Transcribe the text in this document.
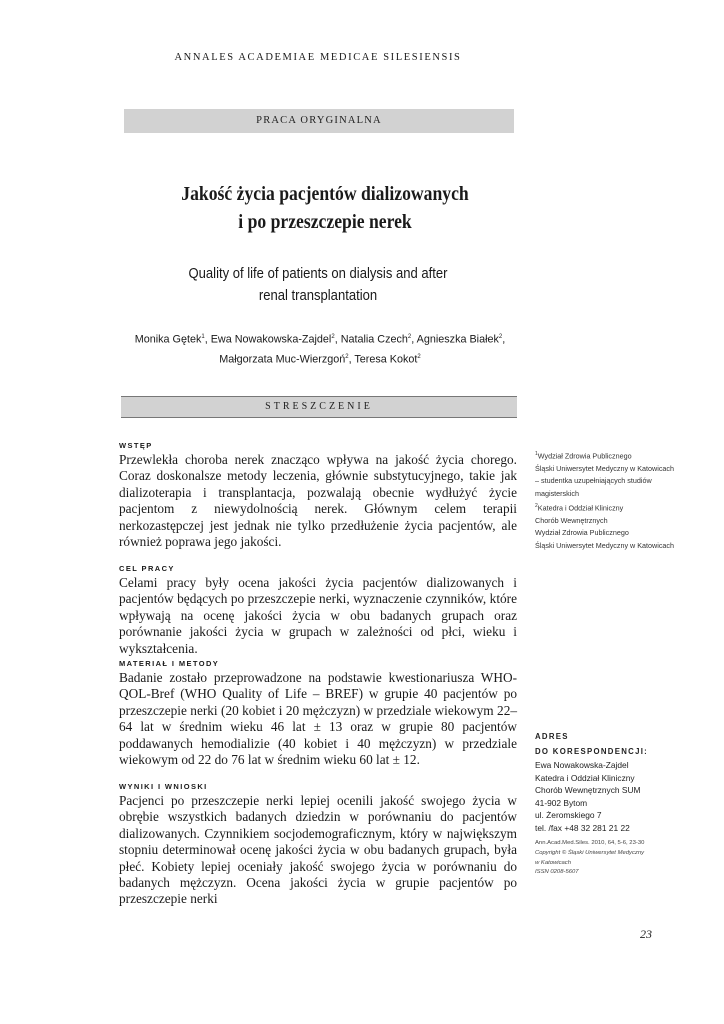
ANNALES ACADEMIAE MEDICAE SILESIENSIS
PRACA ORYGINALNA
Jakość życia pacjentów dializowanych
i po przeszczepie nerek
Quality of life of patients on dialysis and after
renal transplantation
Monika Gętek$^1$, Ewa Nowakowska-Zajdel$^2$, Natalia Czech$^2$, Agnieszka Białek$^2$,
Małgorzata Muc-Wierzgoń$^2$, Teresa Kokot$^2$
STRESZCZENIE

WSTĘP

Przewlekła choroba nerek znacząco wpływa na jakość życia chorego. Coraz doskonalsze metody leczenia, głównie substytucyjnego, takie jak dializoterapia i transplantacja, pozwalają obecnie wydłużyć życie pacjentom z niewydolnością nerek. Głównym celem terapii nerkozastępczej jest jednak nie tylko przedłużenie życia pacjentów, ale również poprawa jego jakości.

CEL PRACY

Celami pracy były ocena jakości życia pacjentów dializowanych i pacjentów będących po przeszczepie nerki, wyznaczenie czynników, które wpływają na ocenę jakości życia w obu badanych grupach oraz porównanie jakości życia w grupach w zależności od płci, wieku i wykształcenia.

MATERIAŁ I METODY

Badanie zostało przeprowadzone na podstawie kwestionariusza WHO-QOL-Bref (WHO Quality of Life – BREF) w grupie 40 pacjentów po przeszczepie nerki (20 kobiet i 20 mężczyzn) w przedziale wiekowym 22–64 lat w średnim wieku 46 lat ± 13 oraz w grupie 80 pacjentów poddawanych hemodializie (40 kobiet i 40 mężczyzn) w przedziale wiekowym od 22 do 76 lat w średnim wieku 60 lat ± 12.

WYNIKI I WNIOSKI

Pacjenci po przeszczepie nerki lepiej ocenili jakość swojego życia w obrębie wszystkich badanych dziedzin w porównaniu do pacjentów dializowanych. Czynnikiem socjodemograficznym, który w największym stopniu determinował ocenę jakości życia w obu badanych grupach, była płeć. Kobiety lepiej oceniały jakość swojego życia w porównaniu do badanych mężczyzn. Ocena jakości życia w grupie pacjentów po przeszczepie nerki

$^1$Wydział Zdrowia Publicznego
Śląski Uniwersytet Medyczny w Katowicach
– studentka uzupełniających studiów
magisterskich
$^2$Katedra i Oddział Kliniczny
Chorób Wewnętrznych
Wydział Zdrowia Publicznego
Śląski Uniwersytet Medyczny w Katowicach
ADRES
DO KORESPONDENCJI:
Ewa Nowakowska-Zajdel
Katedra i Oddział Kliniczny
Chorób Wewnętrznych SUM
41-902 Bytom
ul. Żeromskiego 7
tel. /fax +48 32 281 21 22
Ann.Acad.Med.Siles. 2010, 64, 5-6, 23-30
Copyright © Śląski Uniwersytet Medyczny
w Katowicach
ISSN 0208-5607
23
